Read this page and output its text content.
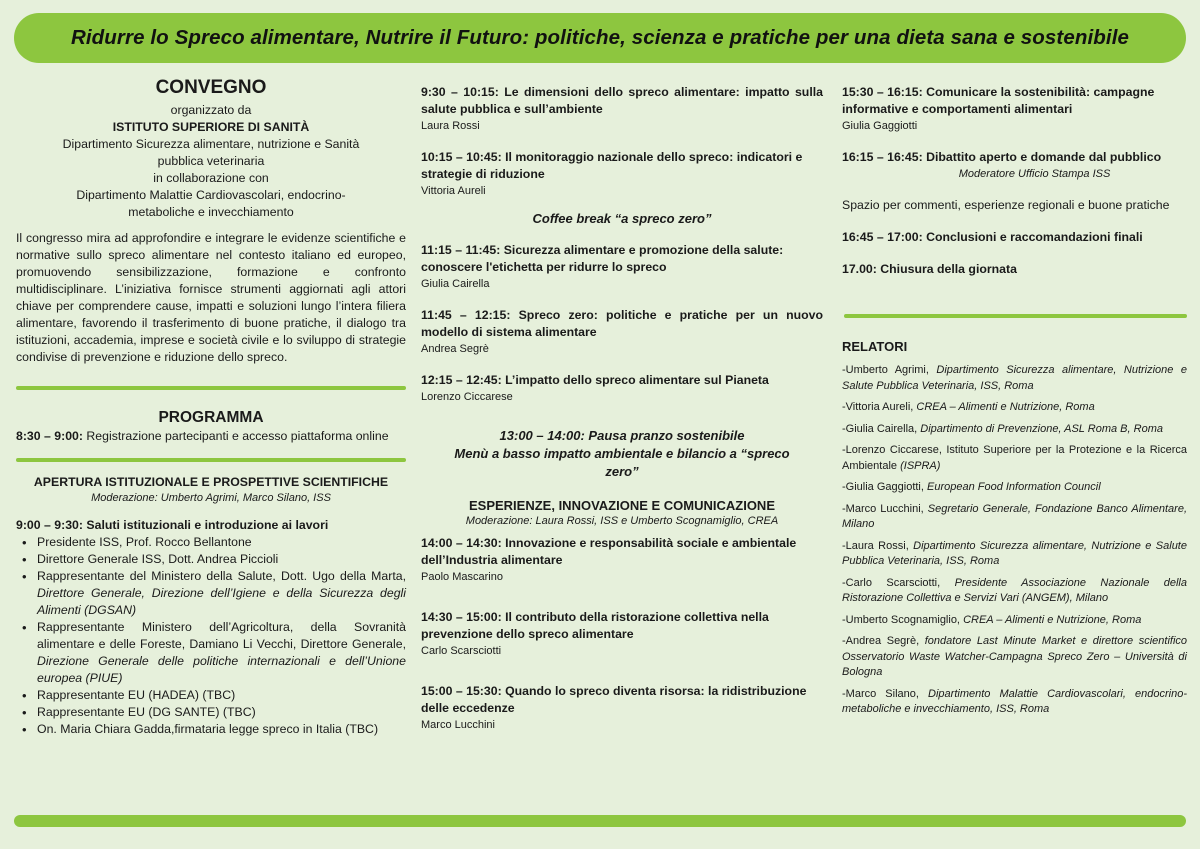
Ridurre lo Spreco alimentare, Nutrire il Futuro: politiche, scienza e pratiche per una dieta sana e sostenibile
CONVEGNO
organizzato da
ISTITUTO SUPERIORE DI SANITÀ
Dipartimento Sicurezza alimentare, nutrizione e Sanità pubblica veterinaria
in collaborazione con
Dipartimento Malattie Cardiovascolari, endocrino-metaboliche e invecchiamento

Il congresso mira ad approfondire e integrare le evidenze scientifiche e normative sullo spreco alimentare nel contesto italiano ed europeo, promuovendo sensibilizzazione, formazione e confronto multidisciplinare. L’iniziativa fornisce strumenti aggiornati agli attori chiave per comprendere cause, impatti e soluzioni lungo l’intera filiera alimentare, favorendo il trasferimento di buone pratiche, il dialogo tra istituzioni, accademia, imprese e società civile e lo sviluppo di strategie condivise di prevenzione e riduzione dello spreco.

PROGRAMMA
8:30 – 9:00: Registrazione partecipanti e accesso piattaforma online
APERTURA ISTITUZIONALE E PROSPETTIVE SCIENTIFICHE
Moderazione: Umberto Agrimi, Marco Silano, ISS
9:00 – 9:30: Saluti istituzionali e introduzione ai lavori
• Presidente ISS, Prof. Rocco Bellantone
• Direttore Generale ISS, Dott. Andrea Piccioli
• Rappresentante del Ministero della Salute, Dott. Ugo della Marta, Direttore Generale, Direzione dell’Igiene e della Sicurezza degli Alimenti (DGSAN)
• Rappresentante Ministero dell’Agricoltura, della Sovranità alimentare e delle Foreste, Damiano Li Vecchi, Direttore Generale, Direzione Generale delle politiche internazionali e dell’Unione europea (PIUE)
• Rappresentante EU (HADEA) (TBC)
• Rappresentante EU (DG SANTE) (TBC)
• On. Maria Chiara Gadda,firmataria legge spreco in Italia (TBC)
9:30 – 10:15: Le dimensioni dello spreco alimentare: impatto sulla salute pubblica e sull’ambiente
Laura Rossi
10:15 – 10:45: Il monitoraggio nazionale dello spreco: indicatori e strategie di riduzione
Vittoria Aureli
Coffee break “a spreco zero”
11:15 – 11:45: Sicurezza alimentare e promozione della salute: conoscere l'etichetta per ridurre lo spreco
Giulia Cairella
11:45 – 12:15: Spreco zero: politiche e pratiche per un nuovo modello di sistema alimentare
Andrea Segrè
12:15 – 12:45: L’impatto dello spreco alimentare sul Pianeta
Lorenzo Ciccarese
13:00 – 14:00: Pausa pranzo sostenibile
Menù a basso impatto ambientale e bilancio a “spreco zero”
ESPERIENZE, INNOVAZIONE E COMUNICAZIONE
Moderazione: Laura Rossi, ISS e Umberto Scognamiglio, CREA
14:00 – 14:30: Innovazione e responsabilità sociale e ambientale dell’Industria alimentare
Paolo Mascarino
14:30 – 15:00: Il contributo della ristorazione collettiva nella prevenzione dello spreco alimentare
Carlo Scarsciotti
15:00 – 15:30: Quando lo spreco diventa risorsa: la ridistribuzione delle eccedenze
Marco Lucchini
15:30 – 16:15: Comunicare la sostenibilità: campagne informative e comportamenti alimentari
Giulia Gaggiotti
16:15 – 16:45: Dibattito aperto e domande dal pubblico
Moderatore Ufficio Stampa ISS
Spazio per commenti, esperienze regionali e buone pratiche
16:45 – 17:00: Conclusioni e raccomandazioni finali
17.00: Chiusura della giornata
RELATORI

-Umberto Agrimi, Dipartimento Sicurezza alimentare, Nutrizione e Salute Pubblica Veterinaria, ISS, Roma

-Vittoria Aureli, CREA – Alimenti e Nutrizione, Roma

-Giulia Cairella, Dipartimento di Prevenzione, ASL Roma B, Roma

-Lorenzo Ciccarese, Istituto Superiore per la Protezione e la Ricerca Ambientale (ISPRA)

-Giulia Gaggiotti, European Food Information Council

-Marco Lucchini, Segretario Generale, Fondazione Banco Alimentare, Milano

-Laura Rossi, Dipartimento Sicurezza alimentare, Nutrizione e Salute Pubblica Veterinaria, ISS, Roma

-Carlo Scarsciotti, Presidente Associazione Nazionale della Ristorazione Collettiva e Servizi Vari (ANGEM), Milano

-Umberto Scognamiglio, CREA – Alimenti e Nutrizione, Roma

-Andrea Segrè, fondatore Last Minute Market e direttore scientifico Osservatorio Waste Watcher-Campagna Spreco Zero – Università di Bologna

-Marco Silano, Dipartimento Malattie Cardiovascolari, endocrino-metaboliche e invecchiamento, ISS, Roma
